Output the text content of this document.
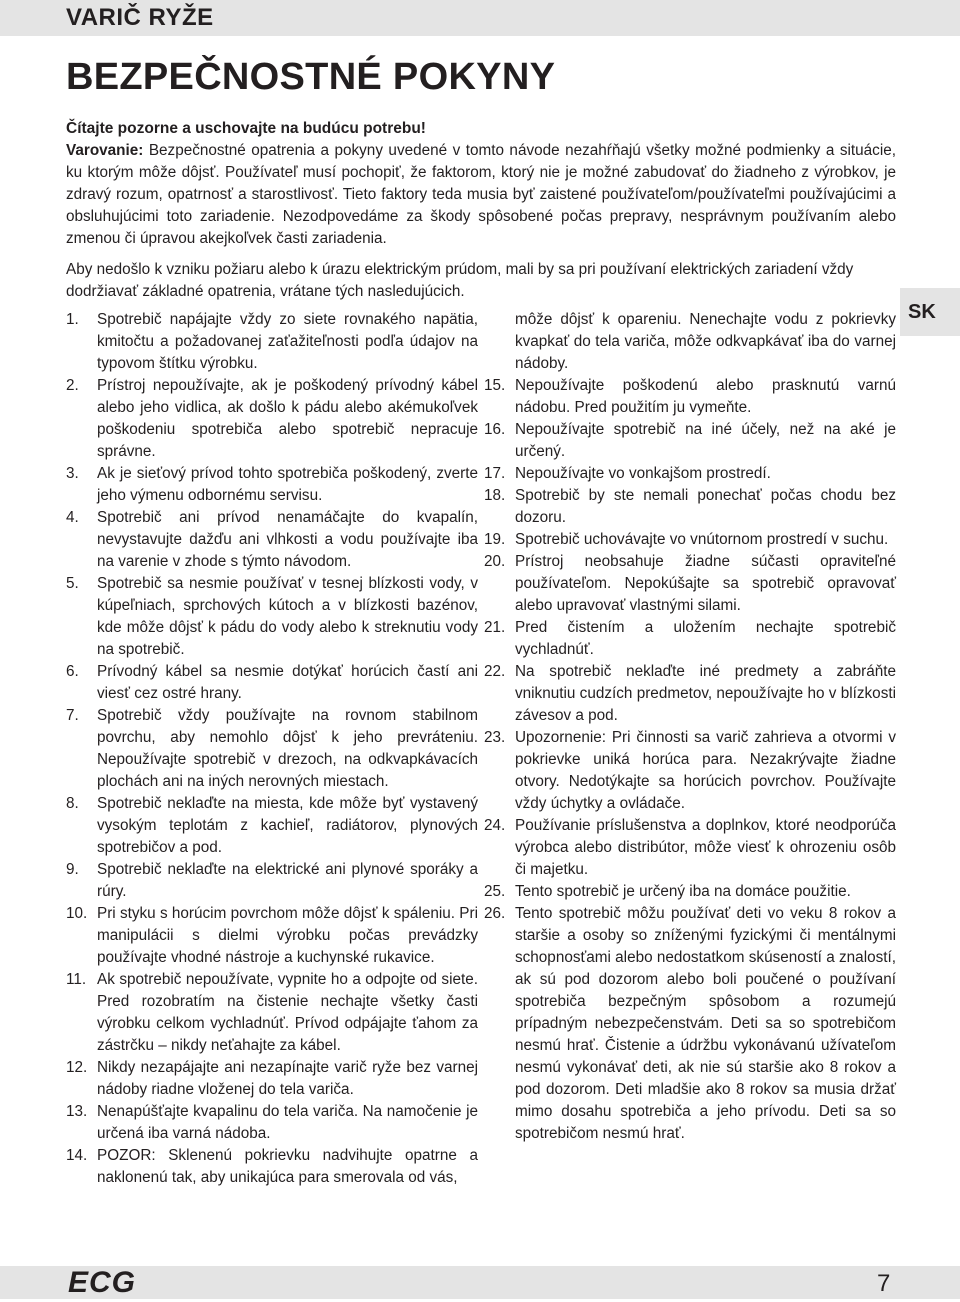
VARIČ RYŽE
BEZPEČNOSTNÉ POKYNY

Čítajte pozorne a uschovajte na budúcu potrebu!

Varovanie: Bezpečnostné opatrenia a pokyny uvedené v tomto návode nezahŕňajú všetky možné podmienky a situácie, ku ktorým môže dôjsť. Používateľ musí pochopiť, že faktorom, ktorý nie je možné zabudovať do žiadneho z výrobkov, je zdravý rozum, opatrnosť a starostlivosť. Tieto faktory teda musia byť zaistené používateľom/používateľmi používajúcimi a obsluhujúcimi toto zariadenie. Nezodpovedáme za škody spôsobené počas prepravy, nesprávnym používaním alebo zmenou či úpravou akejkoľvek časti zariadenia.

Aby nedošlo k vzniku požiaru alebo k úrazu elektrickým prúdom, mali by sa pri používaní elektrických zariadení vždy dodržiavať základné opatrenia, vrátane tých nasledujúcich.

SK
1. Spotrebič napájajte vždy zo siete rovnakého napätia, kmitočtu a požadovanej zaťažiteľnosti podľa údajov na typovom štítku výrobku.
2. Prístroj nepoužívajte, ak je poškodený prívodný kábel alebo jeho vidlica, ak došlo k pádu alebo akémukoľvek poškodeniu spotrebiča alebo spotrebič nepracuje správne.
3. Ak je sieťový prívod tohto spotrebiča poškodený, zverte jeho výmenu odbornému servisu.
4. Spotrebič ani prívod nenamáčajte do kvapalín, nevystavujte dažďu ani vlhkosti a vodu používajte iba na varenie v zhode s týmto návodom.
5. Spotrebič sa nesmie používať v tesnej blízkosti vody, v kúpeľniach, sprchových kútoch a v blízkosti bazénov, kde môže dôjsť k pádu do vody alebo k streknutiu vody na spotrebič.
6. Prívodný kábel sa nesmie dotýkať horúcich častí ani viesť cez ostré hrany.
7. Spotrebič vždy používajte na rovnom stabilnom povrchu, aby nemohlo dôjsť k jeho prevráteniu. Nepoužívajte spotrebič v drezoch, na odkvapkávacích plochách ani na iných nerovných miestach.
8. Spotrebič neklaďte na miesta, kde môže byť vystavený vysokým teplotám z kachieľ, radiátorov, plynových spotrebičov a pod.
9. Spotrebič neklaďte na elektrické ani plynové sporáky a rúry.
10. Pri styku s horúcim povrchom môže dôjsť k spáleniu. Pri manipulácii s dielmi výrobku počas prevádzky používajte vhodné nástroje a kuchynské rukavice.
11. Ak spotrebič nepoužívate, vypnite ho a odpojte od siete. Pred rozobratím na čistenie nechajte všetky časti výrobku celkom vychladnúť. Prívod odpájajte ťahom za zástrčku – nikdy neťahajte za kábel.
12. Nikdy nezapájajte ani nezapínajte varič ryže bez varnej nádoby riadne vloženej do tela variča.
13. Nenapúšťajte kvapalinu do tela variča. Na namočenie je určená iba varná nádoba.
14. POZOR: Sklenenú pokrievku nadvihujte opatrne a naklonenú tak, aby unikajúca para smerovala od vás,
môže dôjsť k opareniu. Nenechajte vodu z pokrievky kvapkať do tela variča, môže odkvapkávať iba do varnej nádoby.
15. Nepoužívajte poškodenú alebo prasknutú varnú nádobu. Pred použitím ju vymeňte.
16. Nepoužívajte spotrebič na iné účely, než na aké je určený.
17. Nepoužívajte vo vonkajšom prostredí.
18. Spotrebič by ste nemali ponechať počas chodu bez dozoru.
19. Spotrebič uchovávajte vo vnútornom prostredí v suchu.
20. Prístroj neobsahuje žiadne súčasti opraviteľné používateľom. Nepokúšajte sa spotrebič opravovať alebo upravovať vlastnými silami.
21. Pred čistením a uložením nechajte spotrebič vychladnúť.
22. Na spotrebič neklaďte iné predmety a zabráňte vniknutiu cudzích predmetov, nepoužívajte ho v blízkosti závesov a pod.
23. Upozornenie: Pri činnosti sa varič zahrieva a otvormi v pokrievke uniká horúca para. Nezakrývajte žiadne otvory. Nedotýkajte sa horúcich povrchov. Používajte vždy úchytky a ovládače.
24. Používanie príslušenstva a doplnkov, ktoré neodporúča výrobca alebo distribútor, môže viesť k ohrozeniu osôb či majetku.
25. Tento spotrebič je určený iba na domáce použitie.
26. Tento spotrebič môžu používať deti vo veku 8 rokov a staršie a osoby so zníženými fyzickými či mentálnymi schopnosťami alebo nedostatkom skúseností a znalostí, ak sú pod dozorom alebo boli poučené o používaní spotrebiča bezpečným spôsobom a rozumejú prípadným nebezpečenstvám. Deti sa so spotrebičom nesmú hrať. Čistenie a údržbu vykonávanú užívateľom nesmú vykonávať deti, ak nie sú staršie ako 8 rokov a pod dozorom. Deti mladšie ako 8 rokov sa musia držať mimo dosahu spotrebiča a jeho prívodu. Deti sa so spotrebičom nesmú hrať.
ECG	7
